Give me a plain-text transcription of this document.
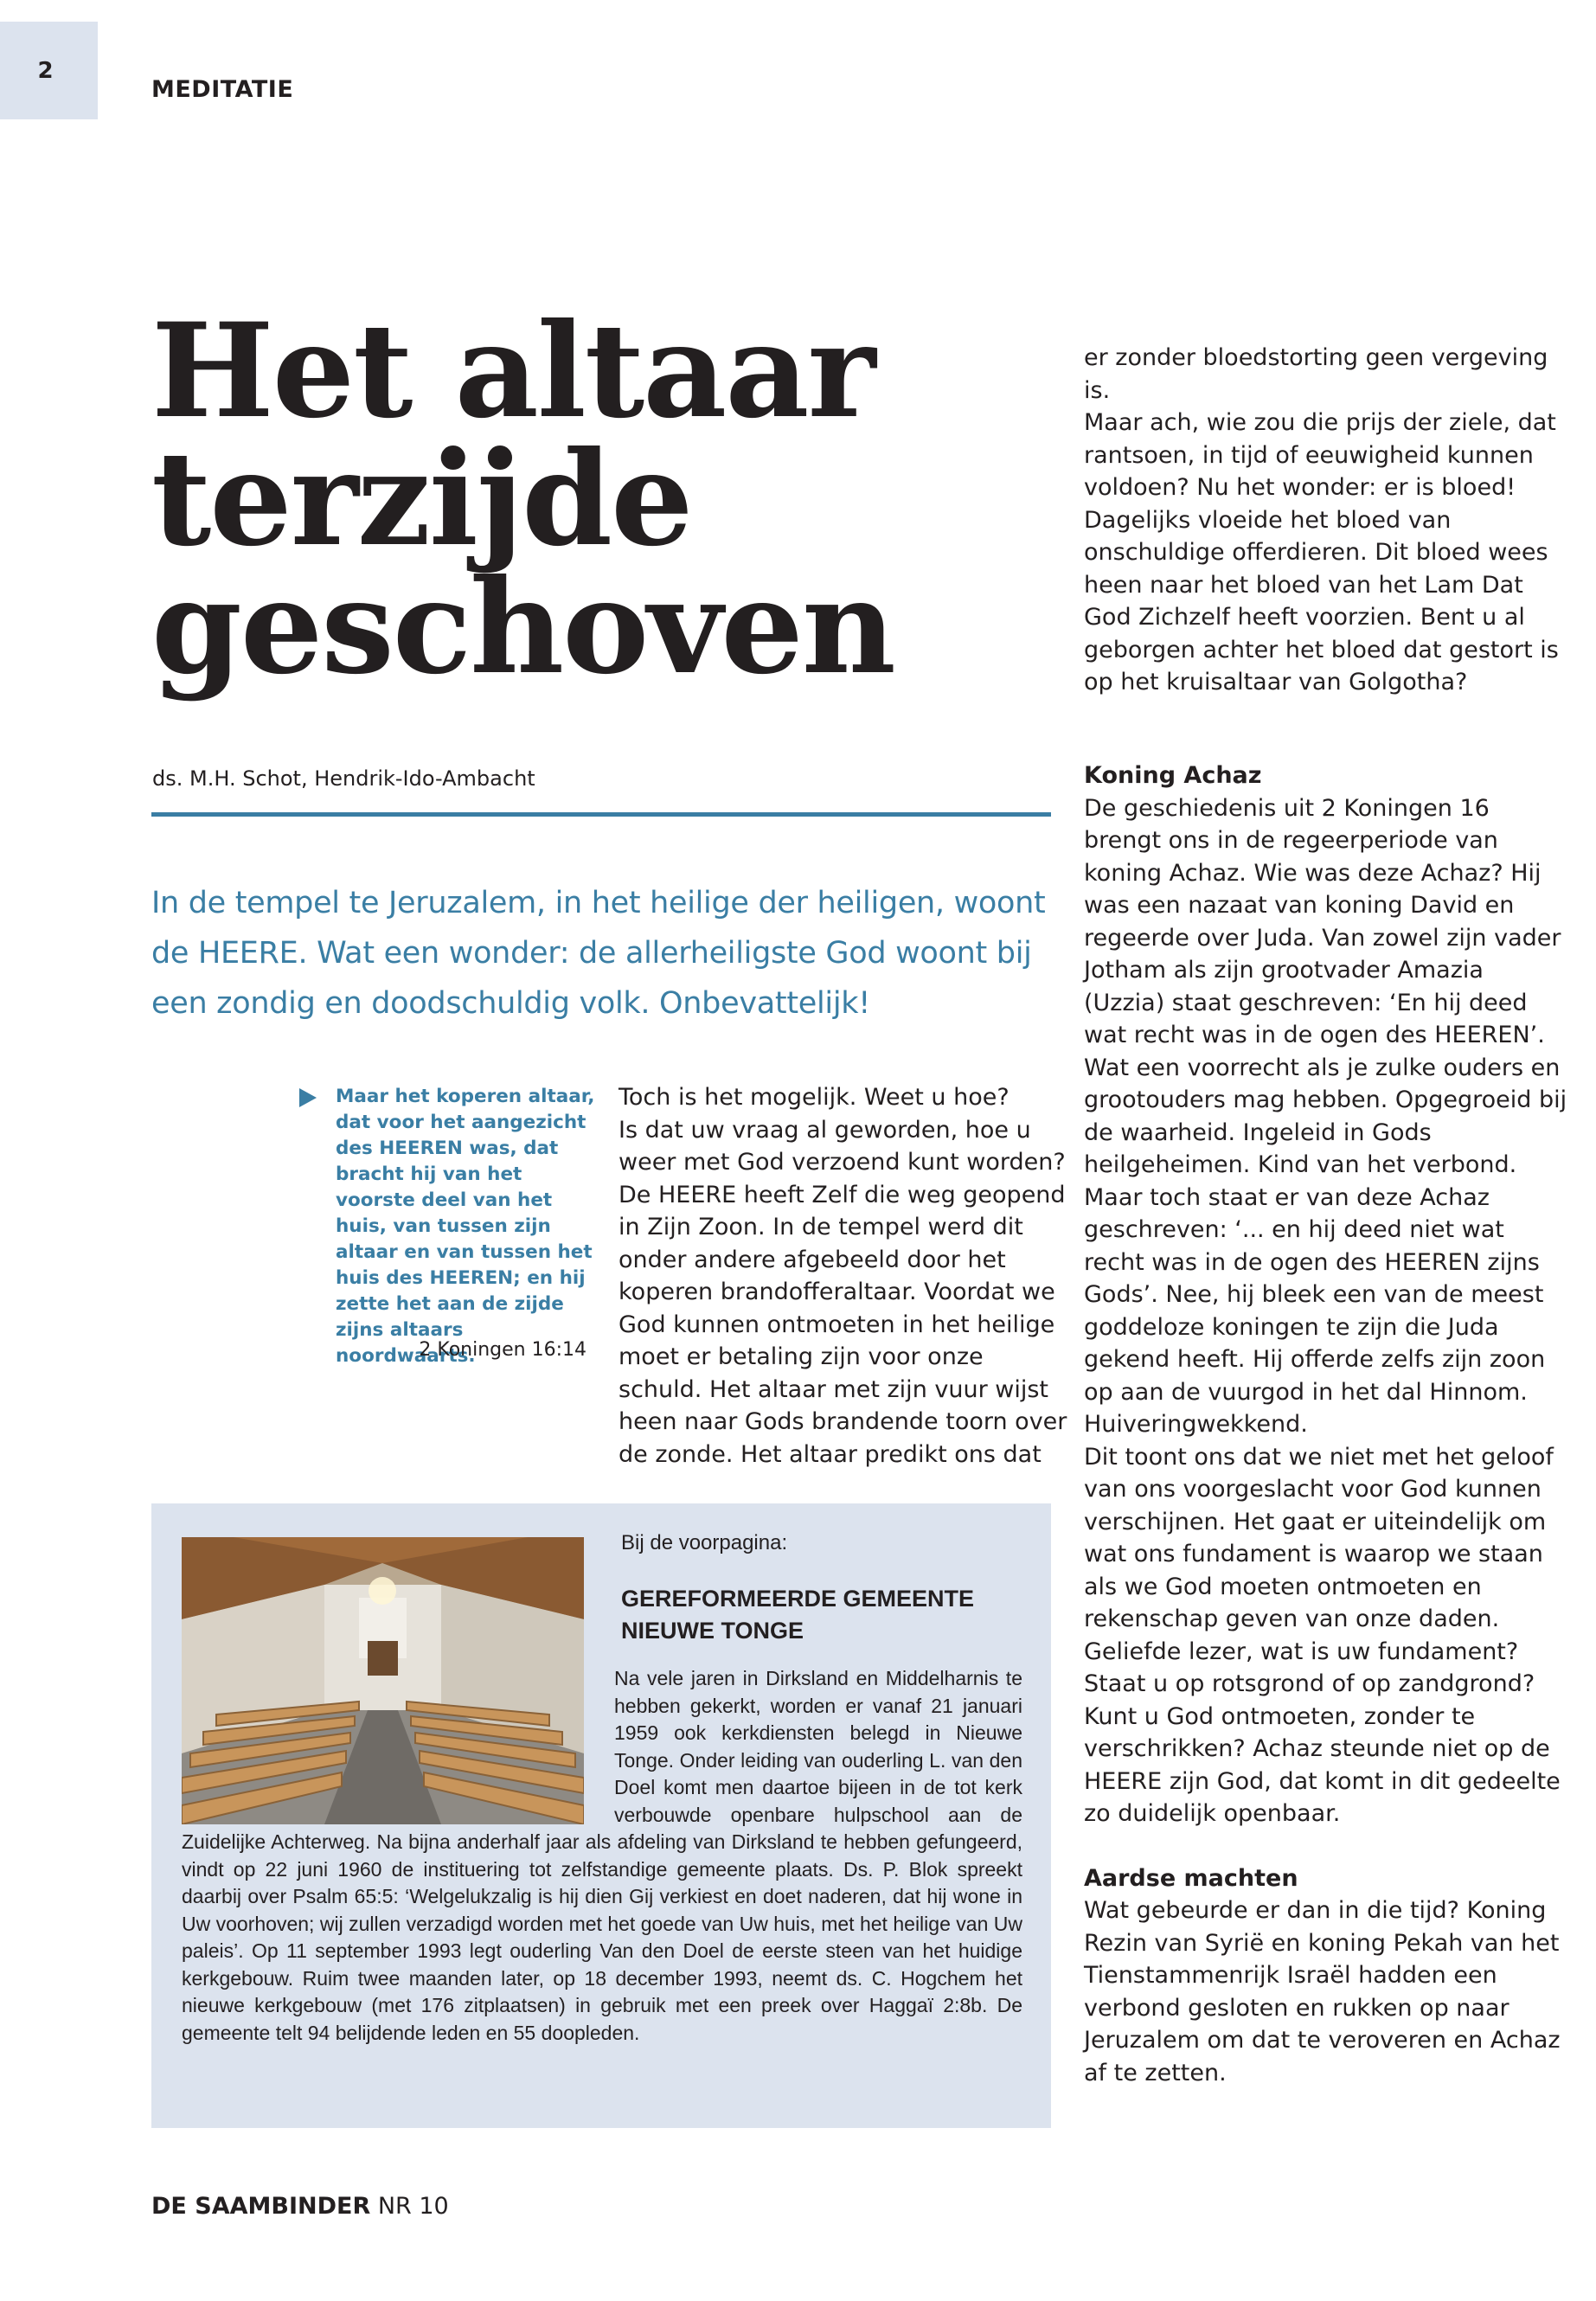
2
MEDITATIE
Het altaar
terzijde
geschoven
ds. M.H. Schot, Hendrik-Ido-Ambacht
In de tempel te Jeruzalem, in het heilige der heiligen, woont de HEERE. Wat een wonder: de allerheiligste God woont bij een zondig en doodschuldig volk. Onbevattelijk!
Maar het koperen altaar, dat voor het aangezicht des HEEREN was, dat bracht hij van het voorste deel van het huis, van tussen zijn altaar en van tussen het huis des HEEREN; en hij zette het aan de zijde zijns altaars noordwaarts.
2 Koningen 16:14
Toch is het mogelijk. Weet u hoe?
Is dat uw vraag al geworden, hoe u weer met God verzoend kunt worden? De HEERE heeft Zelf die weg geopend in Zijn Zoon. In de tempel werd dit onder andere afgebeeld door het koperen brandofferaltaar. Voordat we God kunnen ontmoeten in het heilige moet er betaling zijn voor onze schuld. Het altaar met zijn vuur wijst heen naar Gods brandende toorn over de zonde. Het altaar predikt ons dat
er zonder bloedstorting geen vergeving is.
Maar ach, wie zou die prijs der ziele, dat rantsoen, in tijd of eeuwigheid kunnen voldoen? Nu het wonder: er is bloed! Dagelijks vloeide het bloed van onschuldige offerdieren. Dit bloed wees heen naar het bloed van het Lam Dat God Zichzelf heeft voorzien. Bent u al geborgen achter het bloed dat gestort is op het kruisaltaar van Golgotha?
Koning Achaz
De geschiedenis uit 2 Koningen 16 brengt ons in de regeerperiode van koning Achaz. Wie was deze Achaz? Hij was een nazaat van koning David en regeerde over Juda. Van zowel zijn vader Jotham als zijn grootvader Amazia (Uzzia) staat geschreven: ‘En hij deed wat recht was in de ogen des HEEREN’. Wat een voorrecht als je zulke ouders en grootouders mag hebben. Opgegroeid bij de waarheid. Ingeleid in Gods heilgeheimen. Kind van het verbond. Maar toch staat er van deze Achaz geschreven: ‘... en hij deed niet wat recht was in de ogen des HEEREN zijns Gods’. Nee, hij bleek een van de meest goddeloze koningen te zijn die Juda gekend heeft. Hij offerde zelfs zijn zoon op aan de vuurgod in het dal Hinnom. Huiveringwekkend.
Dit toont ons dat we niet met het geloof van ons voorgeslacht voor God kunnen verschijnen. Het gaat er uiteindelijk om wat ons fundament is waarop we staan als we God moeten ontmoeten en rekenschap geven van onze daden. Geliefde lezer, wat is uw fundament? Staat u op rotsgrond of op zandgrond? Kunt u God ontmoeten, zonder te verschrikken? Achaz steunde niet op de HEERE zijn God, dat komt in dit gedeelte zo duidelijk openbaar.
Aardse machten
Wat gebeurde er dan in die tijd? Koning Rezin van Syrië en koning Pekah van het Tienstammenrijk Israël hadden een verbond gesloten en rukken op naar Jeruzalem om dat te veroveren en Achaz af te zetten.
Bij de voorpagina:
GEREFORMEERDE GEMEENTE NIEUWE TONGE
Na vele jaren in Dirksland en Middelharnis te hebben gekerkt, worden er vanaf 21 januari 1959 ook kerkdiensten belegd in Nieuwe Tonge. Onder leiding van ouderling L. van den Doel komt men daartoe bijeen in de tot kerk verbouwde openbare hulpschool aan de Zuidelijke Achterweg. Na bijna anderhalf jaar als afdeling van Dirksland te hebben gefungeerd, vindt op 22 juni 1960 de instituering tot zelfstandige gemeente plaats. Ds. P. Blok spreekt daarbij over Psalm 65:5: ‘Welgelukzalig is hij dien Gij verkiest en doet naderen, dat hij wone in Uw voorhoven; wij zullen verzadigd worden met het goede van Uw huis, met het heilige van Uw paleis’. Op 11 september 1993 legt ouderling Van den Doel de eerste steen van het huidige kerkgebouw. Ruim twee maanden later, op 18 december 1993, neemt ds. C. Hogchem het nieuwe kerkgebouw (met 176 zitplaatsen) in gebruik met een preek over Haggaï 2:8b. De gemeente telt 94 belijdende leden en 55 doopleden.
DE SAAMBINDER NR 10
